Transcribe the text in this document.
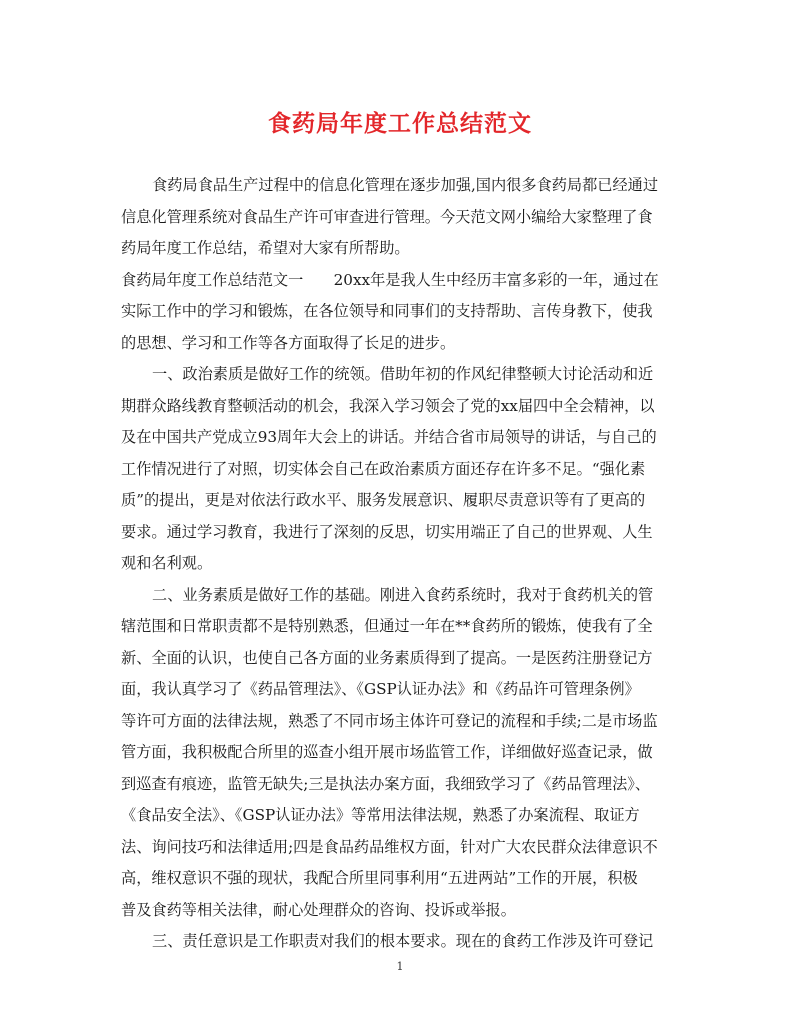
食药局年度工作总结范文
食药局食品生产过程中的信息化管理在逐步加强,国内很多食药局都已经通过
信息化管理系统对食品生产许可审查进行管理。今天范文网小编给大家整理了食
药局年度工作总结，希望对大家有所帮助。
食药局年度工作总结范文一　　20xx年是我人生中经历丰富多彩的一年，通过在
实际工作中的学习和锻炼，在各位领导和同事们的支持帮助、言传身教下，使我
的思想、学习和工作等各方面取得了长足的进步。
一、政治素质是做好工作的统领。借助年初的作风纪律整顿大讨论活动和近
期群众路线教育整顿活动的机会，我深入学习领会了党的xx届四中全会精神，以
及在中国共产党成立93周年大会上的讲话。并结合省市局领导的讲话，与自己的
工作情况进行了对照，切实体会自己在政治素质方面还存在许多不足。“强化素
质”的提出，更是对依法行政水平、服务发展意识、履职尽责意识等有了更高的
要求。通过学习教育，我进行了深刻的反思，切实用端正了自己的世界观、人生
观和名利观。
二、业务素质是做好工作的基础。刚进入食药系统时，我对于食药机关的管
辖范围和日常职责都不是特别熟悉，但通过一年在**食药所的锻炼，使我有了全
新、全面的认识，也使自己各方面的业务素质得到了提高。一是医药注册登记方
面，我认真学习了《药品管理法》、《GSP认证办法》和《药品许可管理条例》
等许可方面的法律法规，熟悉了不同市场主体许可登记的流程和手续;二是市场监
管方面，我积极配合所里的巡查小组开展市场监管工作，详细做好巡查记录，做
到巡查有痕迹，监管无缺失;三是执法办案方面，我细致学习了《药品管理法》、
《食品安全法》、《GSP认证办法》等常用法律法规，熟悉了办案流程、取证方
法、询问技巧和法律适用;四是食品药品维权方面，针对广大农民群众法律意识不
高，维权意识不强的现状，我配合所里同事利用“五进两站”工作的开展，积极
普及食药等相关法律，耐心处理群众的咨询、投诉或举报。
三、责任意识是工作职责对我们的根本要求。现在的食药工作涉及许可登记
1
